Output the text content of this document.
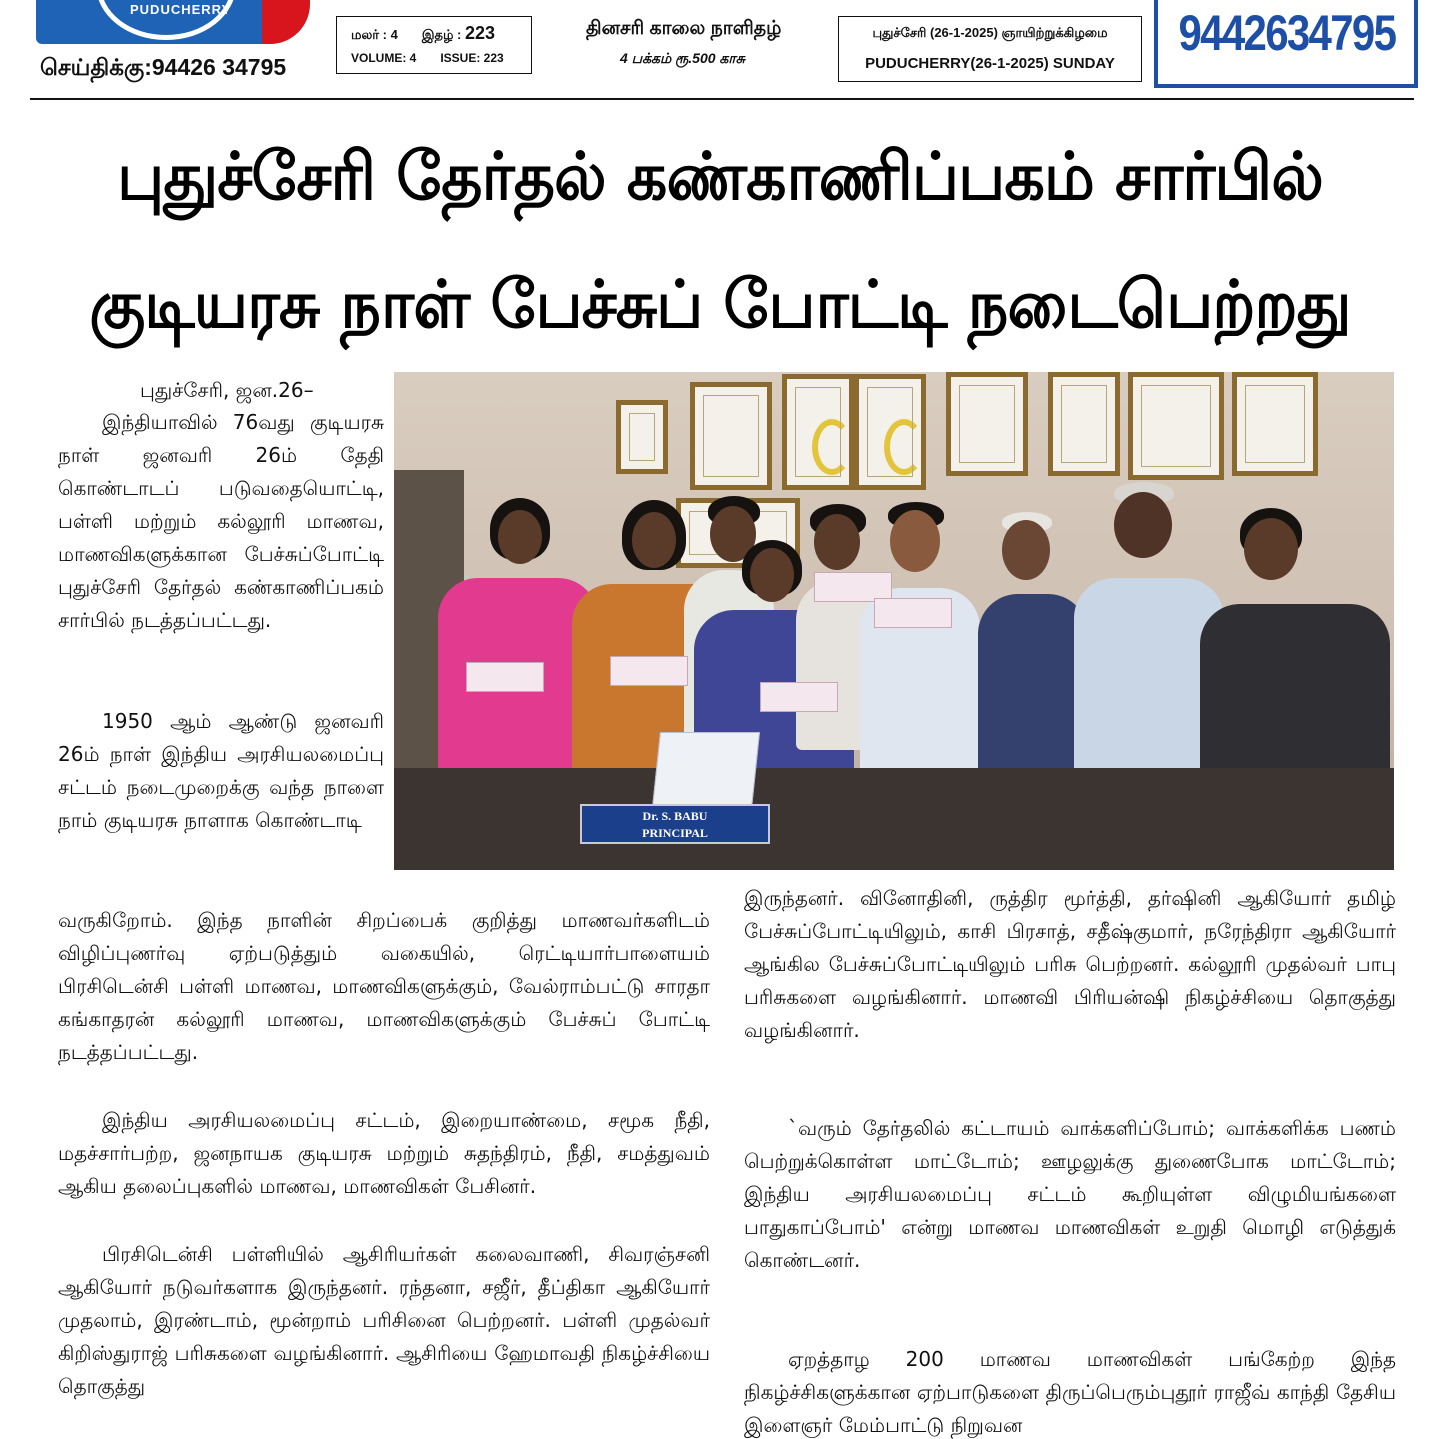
PUDUCHERRY
செய்திக்கு:94426 34795
மலர் : 4 இதழ் : 223
VOLUME: 4 ISSUE: 223
தினசரி காலை நாளிதழ்
4 பக்கம் ரூ.500 காசு
புதுச்சேரி (26-1-2025) ஞாயிற்றுக்கிழமை
PUDUCHERRY(26-1-2025) SUNDAY
9442634795
புதுச்சேரி தேர்தல் கண்காணிப்பகம் சார்பில்
குடியரசு நாள் பேச்சுப் போட்டி நடைபெற்றது
Dr. S. BABU
PRINCIPAL
புதுச்சேரி, ஜன.26–
இந்தியாவில் 76வது குடியரசு நாள் ஜனவரி 26ம் தேதி கொண்டாடப் படுவதையொட்டி, பள்ளி மற்றும் கல்லூரி மாணவ, மாணவிகளுக்கான பேச்சுப்போட்டி புதுச்சேரி தேர்தல் கண்காணிப்பகம் சார்பில் நடத்தப்பட்டது.
1950 ஆம் ஆண்டு ஜனவரி 26ம் நாள் இந்திய அரசியலமைப்பு சட்டம் நடைமுறைக்கு வந்த நாளை நாம் குடியரசு நாளாக கொண்டாடி
வருகிறோம். இந்த நாளின் சிறப்பைக் குறித்து மாணவர்களிடம் விழிப்புணர்வு ஏற்படுத்தும் வகையில், ரெட்டியார்பாளையம் பிரசிடென்சி பள்ளி மாணவ, மாணவிகளுக்கும், வேல்ராம்பட்டு சாரதா கங்காதரன் கல்லூரி மாணவ, மாணவிகளுக்கும் பேச்சுப் போட்டி நடத்தப்பட்டது.
இந்திய அரசியலமைப்பு சட்டம், இறையாண்மை, சமூக நீதி, மதச்சார்பற்ற, ஜனநாயக குடியரசு மற்றும் சுதந்திரம், நீதி, சமத்துவம் ஆகிய தலைப்புகளில் மாணவ, மாணவிகள் பேசினர்.
பிரசிடென்சி பள்ளியில் ஆசிரியர்கள் கலைவாணி, சிவரஞ்சனி ஆகியோர் நடுவர்களாக இருந்தனர். ரந்தனா, சஜீர், தீப்திகா ஆகியோர் முதலாம், இரண்டாம், மூன்றாம் பரிசினை பெற்றனர். பள்ளி முதல்வர் கிறிஸ்துராஜ் பரிசுகளை வழங்கினார். ஆசிரியை ஹேமாவதி நிகழ்ச்சியை தொகுத்து
இருந்தனர். வினோதினி, ருத்திர மூர்த்தி, தர்ஷினி ஆகியோர் தமிழ் பேச்சுப்போட்டியிலும், காசி பிரசாத், சதீஷ்குமார், நரேந்திரா ஆகியோர் ஆங்கில பேச்சுப்போட்டியிலும் பரிசு பெற்றனர். கல்லூரி முதல்வர் பாபு பரிசுகளை வழங்கினார். மாணவி பிரியன்ஷி நிகழ்ச்சியை தொகுத்து வழங்கினார்.
`வரும் தேர்தலில் கட்டாயம் வாக்களிப்போம்; வாக்களிக்க பணம் பெற்றுக்கொள்ள மாட்டோம்; ஊழலுக்கு துணைபோக மாட்டோம்; இந்திய அரசியலமைப்பு சட்டம் கூறியுள்ள விழுமியங்களை பாதுகாப்போம்' என்று மாணவ மாணவிகள் உறுதி மொழி எடுத்துக் கொண்டனர்.
ஏறத்தாழ 200 மாணவ மாணவிகள் பங்கேற்ற இந்த நிகழ்ச்சிகளுக்கான ஏற்பாடுகளை திருப்பெரும்புதூர் ராஜீவ் காந்தி தேசிய இளைஞர் மேம்பாட்டு நிறுவன
